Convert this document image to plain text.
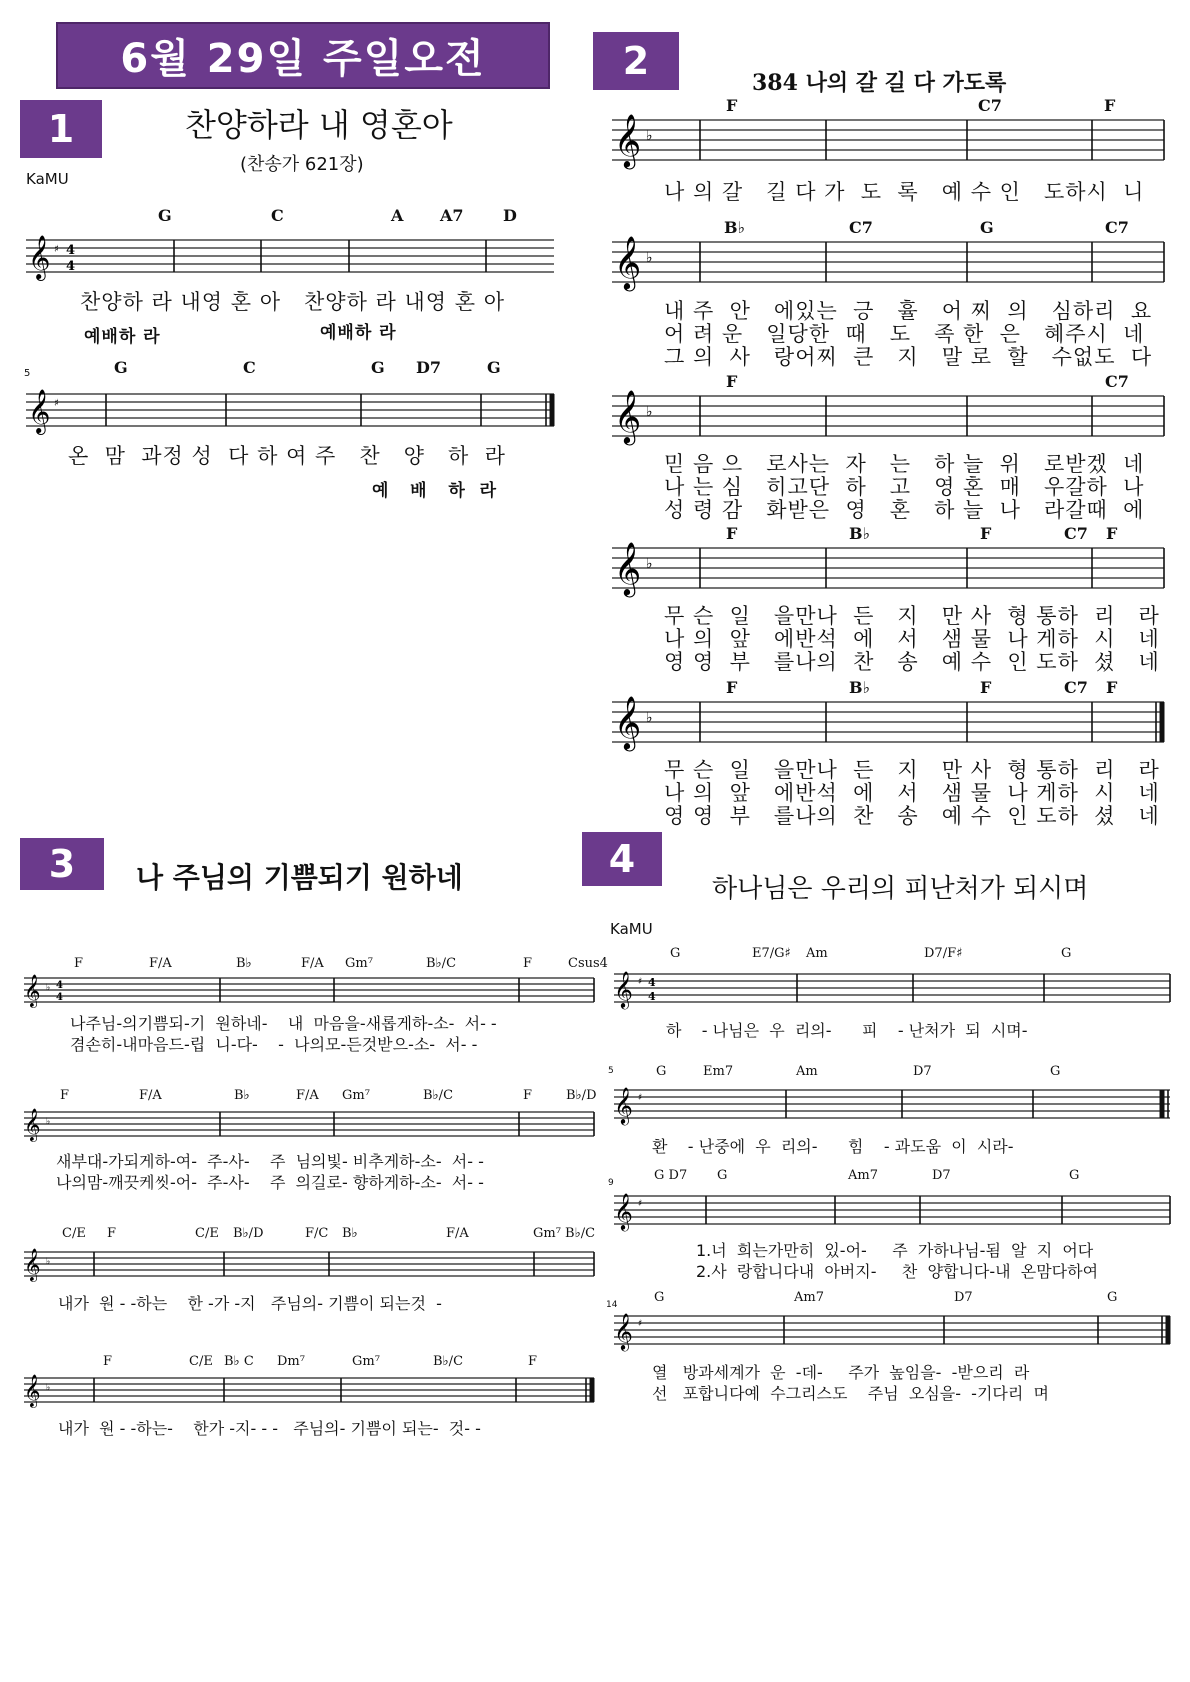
6월 29일 주일오전
1	찬양하라 내 영혼아
(찬송가 621장)
KaMU
G	C	A A7 D
𝄞 ♯ 4
4
찬양하 라 내영 혼 아   찬양하 라 내영 혼 아
예배하 라	예배하 라
G	C	G D7	G
5
𝄞 ♯
온  맘  과정 성  다 하 여 주   찬   양   하  라
예   배   하  라
2	384 나의 갈 길 다 가도록
F	C7	F
𝄞 ♭
나 의 갈   길 다 가  도  록   예 수 인   도하시  니
B♭	C7	G	C7
𝄞 ♭
내 주  안   에있는  긍   휼   어 찌  의   심하리  요
어 려 운   일당한  때   도   족 한  은   혜주시  네
그 의  사   랑어찌  큰   지   말 로  할   수없도  다
F	C7
𝄞 ♭
믿 음 으   로사는  자   는   하 늘  위   로받겠  네
나 는 심   히고단  하   고   영 혼  매   우갈하  나
성 령 감   화받은  영   혼   하 늘  나   라갈때  에
F	B♭	F	C7 F
𝄞 ♭
무 슨  일   을만나  든   지   만 사  형 통하  리   라
나 의  앞   에반석  에   서   샘 물  나 게하  시   네
영 영  부   를나의  찬   송   예 수  인 도하  셨   네
F	B♭	F	C7 F
𝄞 ♭
무 슨  일   을만나  든   지   만 사  형 통하  리   라
나 의  앞   에반석  에   서   샘 물  나 게하  시   네
영 영  부   를나의  찬   송   예 수  인 도하  셨   네
3 나 주님의 기쁨되기 원하네
F	F/A	B♭	F/A Gm⁷	B♭/C	F	Csus4
𝄞 ♭ 4
4
나주님-의기쁨되-기  원하네-    내  마음을-새롭게하-소-  서- -
겸손히-내마음드-립  니-다-    -  나의모-든것받으-소-  서- -
F	F/A	B♭	F/A Gm⁷	B♭/C	F	B♭/D
𝄞 ♭
새부대-가되게하-여-  주-사-    주  님의빛- 비추게하-소-  서- -
나의맘-깨끗케씻-어-  주-사-    주  의길로- 향하게하-소-  서- -
C/E F	C/E B♭/D	F/C B♭	F/A	Gm⁷ B♭/C
𝄞 ♭
내가  원 - -하는    한 -가 -지   주님의- 기쁨이 되는것  -
F	C/E B♭ C Dm⁷	Gm⁷	B♭/C	F
𝄞 ♭
내가  원 - -하는-    한가 -지- - -   주님의- 기쁨이 되는-  것- -
4
하나님은 우리의 피난처가 되시며
KaMU
G	E7/G♯ Am	D7/F♯	G
𝄞 ♯ 4
4
하    - 나님은  우  리의-      피    - 난처가  되  시며-
5	G	Em7	Am	D7	G
𝄞 ♯
환    - 난중에  우  리의-      힘    - 과도움  이  시라-
9	G D7 G	Am7	D7	G
𝄞 ♯
1.너  희는가만히  있-어-     주  가하나님-됨  알  지  어다
2.사  랑합니다내  아버지-     찬  양합니다-내  온맘다하여
14	G	Am7	D7	G
𝄞 ♯
열   방과세계가  운  -데-     주가  높임을-  -받으리  라
선   포합니다예  수그리스도    주님  오심을-  -기다리  며
